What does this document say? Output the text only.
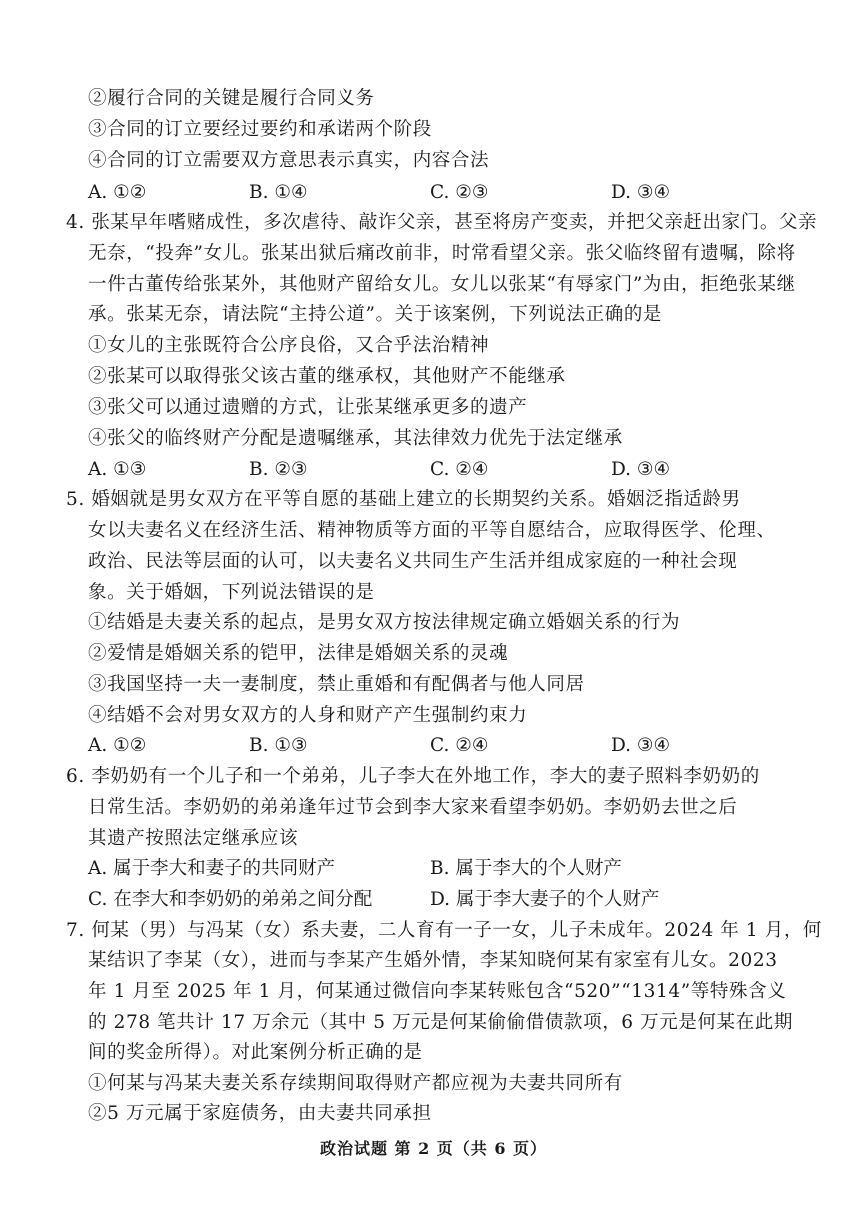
②履行合同的关键是履行合同义务
③合同的订立要经过要约和承诺两个阶段
④合同的订立需要双方意思表示真实，内容合法
A. ①②	B. ①④	C. ②③	D. ③④
4. 张某早年嗜赌成性，多次虐待、敲诈父亲，甚至将房产变卖，并把父亲赶出家门。父亲
无奈，“投奔”女儿。张某出狱后痛改前非，时常看望父亲。张父临终留有遗嘱，除将
一件古董传给张某外，其他财产留给女儿。女儿以张某“有辱家门”为由，拒绝张某继
承。张某无奈，请法院“主持公道”。关于该案例，下列说法正确的是
①女儿的主张既符合公序良俗，又合乎法治精神
②张某可以取得张父该古董的继承权，其他财产不能继承
③张父可以通过遗赠的方式，让张某继承更多的遗产
④张父的临终财产分配是遗嘱继承，其法律效力优先于法定继承
A. ①③	B. ②③	C. ②④	D. ③④
5. 婚姻就是男女双方在平等自愿的基础上建立的长期契约关系。婚姻泛指适龄男
女以夫妻名义在经济生活、精神物质等方面的平等自愿结合，应取得医学、伦理、
政治、民法等层面的认可，以夫妻名义共同生产生活并组成家庭的一种社会现
象。关于婚姻，下列说法错误的是
①结婚是夫妻关系的起点，是男女双方按法律规定确立婚姻关系的行为
②爱情是婚姻关系的铠甲，法律是婚姻关系的灵魂
③我国坚持一夫一妻制度，禁止重婚和有配偶者与他人同居
④结婚不会对男女双方的人身和财产产生强制约束力
A. ①②	B. ①③	C. ②④	D. ③④
6. 李奶奶有一个儿子和一个弟弟，儿子李大在外地工作，李大的妻子照料李奶奶的
日常生活。李奶奶的弟弟逢年过节会到李大家来看望李奶奶。李奶奶去世之后
其遗产按照法定继承应该
A. 属于李大和妻子的共同财产	B. 属于李大的个人财产
C. 在李大和李奶奶的弟弟之间分配	D. 属于李大妻子的个人财产
7. 何某（男）与冯某（女）系夫妻，二人育有一子一女，儿子未成年。2024 年 1 月，何
某结识了李某（女），进而与李某产生婚外情，李某知晓何某有家室有儿女。2023
年 1 月至 2025 年 1 月，何某通过微信向李某转账包含“520”“1314”等特殊含义
的 278 笔共计 17 万余元（其中 5 万元是何某偷偷借债款项，6 万元是何某在此期
间的奖金所得）。对此案例分析正确的是
①何某与冯某夫妻关系存续期间取得财产都应视为夫妻共同所有
②5 万元属于家庭债务，由夫妻共同承担
政治试题 第 2 页（共 6 页）
